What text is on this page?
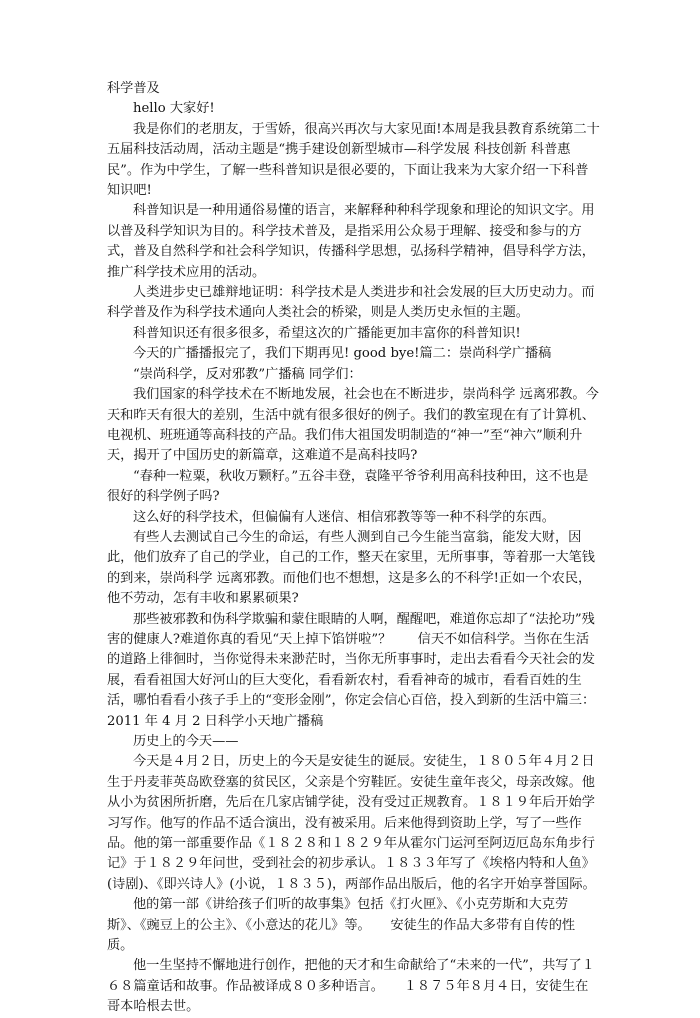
科学普及

hello 大家好!

我是你们的老朋友，于雪娇，很高兴再次与大家见面!本周是我县教育系统第二十五届科技活动周，活动主题是“携手建设创新型城市—科学发展 科技创新 科普惠民”。作为中学生，了解一些科普知识是很必要的，下面让我来为大家介绍一下科普知识吧!

科普知识是一种用通俗易懂的语言，来解释种种科学现象和理论的知识文字。用以普及科学知识为目的。科学技术普及，是指采用公众易于理解、接受和参与的方式，普及自然科学和社会科学知识，传播科学思想，弘扬科学精神，倡导科学方法，推广科学技术应用的活动。

人类进步史已雄辩地证明：科学技术是人类进步和社会发展的巨大历史动力。而科学普及作为科学技术通向人类社会的桥梁，则是人类历史永恒的主题。

科普知识还有很多很多，希望这次的广播能更加丰富你的科普知识!

今天的广播播报完了，我们下期再见! good bye!篇二：崇尚科学广播稿

“崇尚科学，反对邪教”广播稿 同学们：

我们国家的科学技术在不断地发展，社会也在不断进步，崇尚科学 远离邪教。今天和昨天有很大的差别，生活中就有很多很好的例子。我们的教室现在有了计算机、电视机、班班通等高科技的产品。我们伟大祖国发明制造的“神一”至“神六”顺利升天，揭开了中国历史的新篇章，这难道不是高科技吗?

“春种一粒粟，秋收万颗籽。”五谷丰登，袁隆平爷爷利用高科技种田，这不也是很好的科学例子吗?

这么好的科学技术，但偏偏有人迷信、相信邪教等等一种不科学的东西。

有些人去测试自己今生的命运，有些人测到自己今生能当富翁，能发大财，因此，他们放弃了自己的学业，自己的工作，整天在家里，无所事事，等着那一大笔钱的到来，崇尚科学 远离邪教。而他们也不想想，这是多么的不科学!正如一个农民，他不劳动，怎有丰收和累累硕果?

那些被邪教和伪科学欺骗和蒙住眼睛的人啊，醒醒吧，难道你忘却了“法抡功”残害的健康人?难道你真的看见“天上掉下馅饼啦”？　　信天不如信科学。当你在生活的道路上徘徊时，当你觉得未来渺茫时，当你无所事事时，走出去看看今天社会的发展，看看祖国大好河山的巨大变化，看看新农村，看看神奇的城市，看看百姓的生活，哪怕看看小孩子手上的“变形金刚”，你定会信心百倍，投入到新的生活中篇三：2011 年 4 月 2 日科学小天地广播稿

历史上的今天——

今天是４月２日，历史上的今天是安徒生的诞辰。安徒生，１８０５年４月２日生于丹麦菲英岛欧登塞的贫民区，父亲是个穷鞋匠。安徒生童年丧父，母亲改嫁。他从小为贫困所折磨，先后在几家店铺学徒，没有受过正规教育。１８１９年后开始学习写作。他写的作品不适合演出，没有被采用。后来他得到资助上学，写了一些作品。他的第一部重要作品《１８２８和１８２９年从霍尔门运河至阿迈厄岛东角步行记》于１８２９年问世，受到社会的初步承认。１８３３年写了《埃格内特和人鱼》(诗剧)、《即兴诗人》(小说，１８３５)，两部作品出版后，他的名字开始享誉国际。

他的第一部《讲给孩子们听的故事集》包括《打火匣》、《小克劳斯和大克劳斯》、《豌豆上的公主》、《小意达的花儿》等。　　安徒生的作品大多带有自传的性质。

他一生坚持不懈地进行创作，把他的天才和生命献给了“未来的一代”，共写了１６８篇童话和故事。作品被译成８０多种语言。　　１８７５年８月４日，安徒生在哥本哈根去世。
